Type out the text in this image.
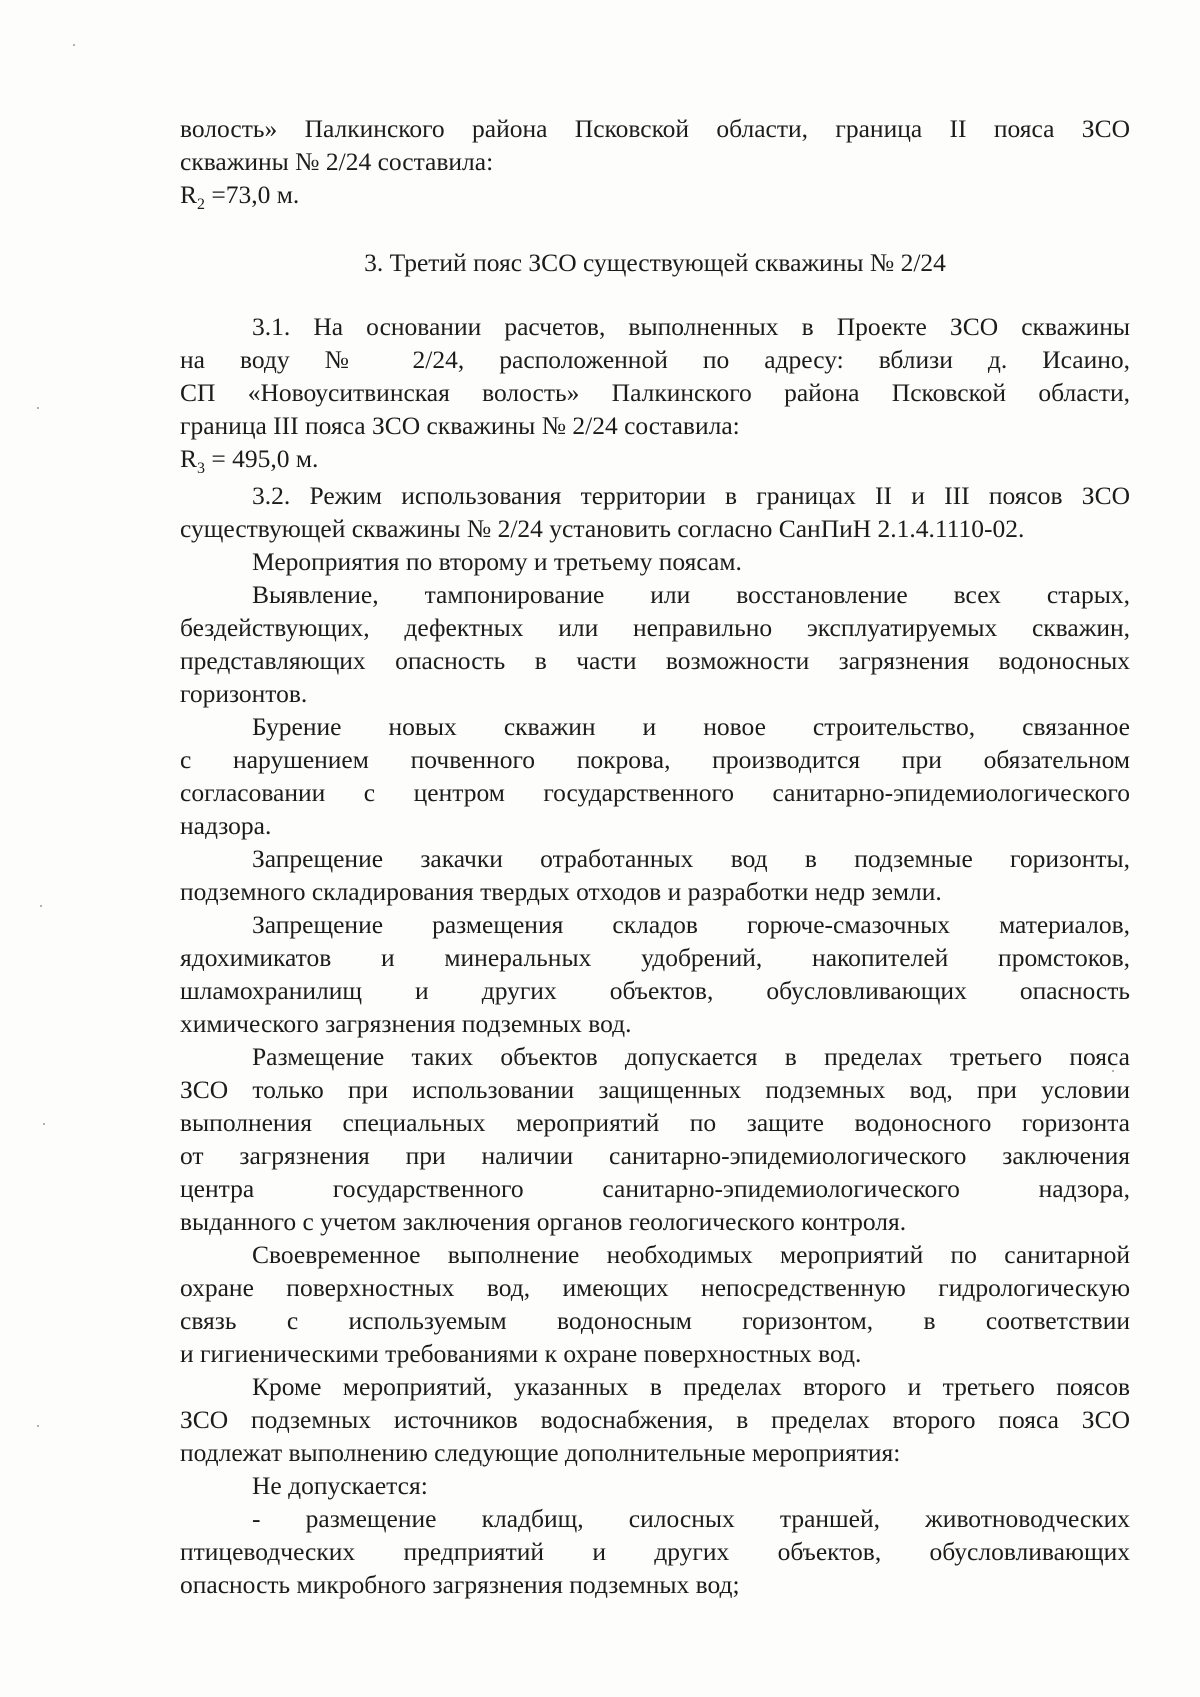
волость» Палкинского района Псковской области, граница II пояса ЗСО

скважины № 2/24 составила:

$R_2 =73,0$ м.

3. Третий пояс ЗСО существующей скважины № 2/24

3.1. На основании расчетов, выполненных в Проекте ЗСО скважины

на воду № 2/24, расположенной по адресу: вблизи д. Исаино,

СП «Новоуситвинская волость» Палкинского района Псковской области,

граница III пояса ЗСО скважины № 2/24 составила:

$R_3 = 495,0$ м.

3.2. Режим использования территории в границах II и III поясов ЗСО

существующей скважины № 2/24 установить согласно СанПиН 2.1.4.1110-02.

Мероприятия по второму и третьему поясам.

Выявление, тампонирование или восстановление всех старых,

бездействующих, дефектных или неправильно эксплуатируемых скважин,

представляющих опасность в части возможности загрязнения водоносных

горизонтов.

Бурение новых скважин и новое строительство, связанное

с нарушением почвенного покрова, производится при обязательном

согласовании с центром государственного санитарно-эпидемиологического

надзора.

Запрещение закачки отработанных вод в подземные горизонты,

подземного складирования твердых отходов и разработки недр земли.

Запрещение размещения складов горюче-смазочных материалов,

ядохимикатов и минеральных удобрений, накопителей промстоков,

шламохранилищ и других объектов, обусловливающих опасность

химического загрязнения подземных вод.

Размещение таких объектов допускается в пределах третьего пояса

ЗСО только при использовании защищенных подземных вод, при условии

выполнения специальных мероприятий по защите водоносного горизонта

от загрязнения при наличии санитарно-эпидемиологического заключения

центра государственного санитарно-эпидемиологического надзора,

выданного с учетом заключения органов геологического контроля.

Своевременное выполнение необходимых мероприятий по санитарной

охране поверхностных вод, имеющих непосредственную гидрологическую

связь с используемым водоносным горизонтом, в соответствии

и гигиеническими требованиями к охране поверхностных вод.

Кроме мероприятий, указанных в пределах второго и третьего поясов

ЗСО подземных источников водоснабжения, в пределах второго пояса ЗСО

подлежат выполнению следующие дополнительные мероприятия:

Не допускается:

- размещение кладбищ, силосных траншей, животноводческих

птицеводческих предприятий и других объектов, обусловливающих

опасность микробного загрязнения подземных вод;
